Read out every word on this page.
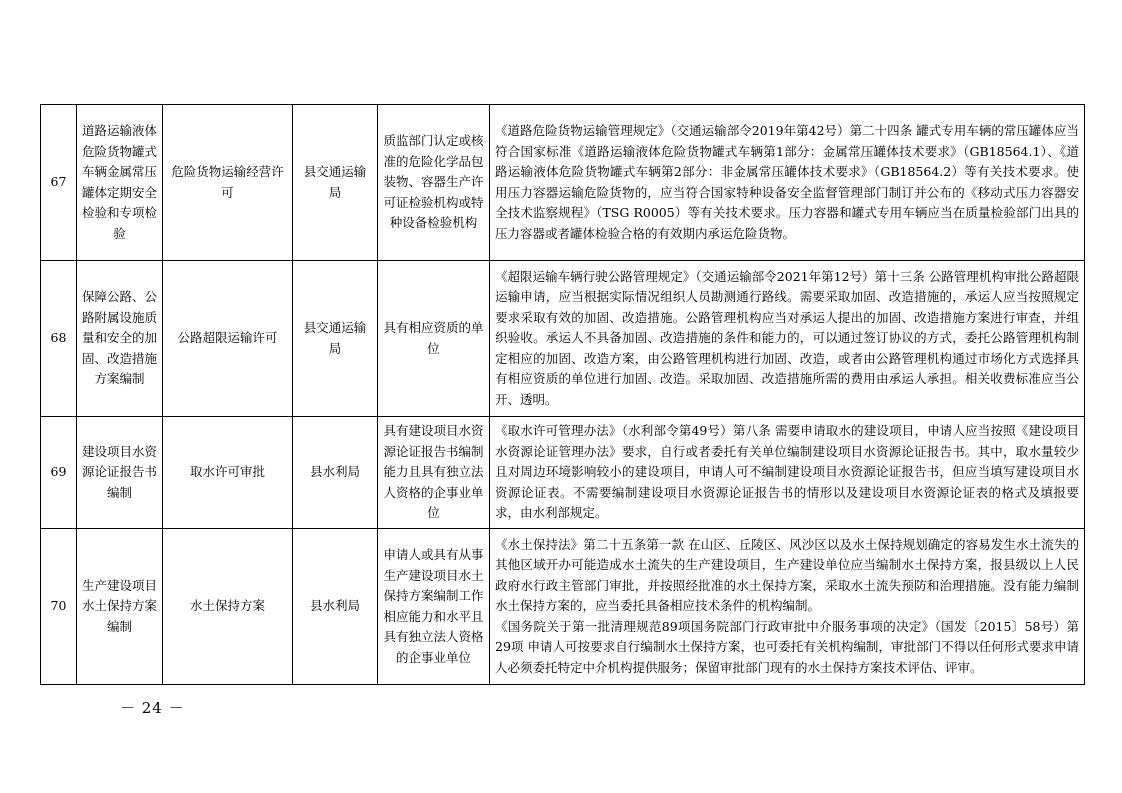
67	道路运输液体危险货物罐式车辆金属常压罐体定期安全检验和专项检验	危险货物运输经营许可	县交通运输局	质监部门认定或核准的危险化学品包装物、容器生产许可证检验机构或特种设备检验机构	《道路危险货物运输管理规定》（交通运输部令2019年第42号）第二十四条 罐式专用车辆的常压罐体应当符合国家标准《道路运输液体危险货物罐式车辆第1部分：金属常压罐体技术要求》（GB18564.1）、《道路运输液体危险货物罐式车辆第2部分：非金属常压罐体技术要求》（GB18564.2）等有关技术要求。使用压力容器运输危险货物的，应当符合国家特种设备安全监督管理部门制订并公布的《移动式压力容器安全技术监察规程》（TSG R0005）等有关技术要求。压力容器和罐式专用车辆应当在质量检验部门出具的压力容器或者罐体检验合格的有效期内承运危险货物。

68	保障公路、公路附属设施质量和安全的加固、改造措施方案编制	公路超限运输许可	县交通运输局	具有相应资质的单位	《超限运输车辆行驶公路管理规定》（交通运输部令2021年第12号）第十三条 公路管理机构审批公路超限运输申请，应当根据实际情况组织人员勘测通行路线。需要采取加固、改造措施的，承运人应当按照规定要求采取有效的加固、改造措施。公路管理机构应当对承运人提出的加固、改造措施方案进行审查，并组织验收。承运人不具备加固、改造措施的条件和能力的，可以通过签订协议的方式，委托公路管理机构制定相应的加固、改造方案，由公路管理机构进行加固、改造，或者由公路管理机构通过市场化方式选择具有相应资质的单位进行加固、改造。采取加固、改造措施所需的费用由承运人承担。相关收费标准应当公开、透明。

69	建设项目水资源论证报告书编制	取水许可审批	县水利局	具有建设项目水资源论证报告书编制能力且具有独立法人资格的企事业单位	《取水许可管理办法》（水利部令第49号）第八条 需要申请取水的建设项目，申请人应当按照《建设项目水资源论证管理办法》要求，自行或者委托有关单位编制建设项目水资源论证报告书。其中，取水量较少且对周边环境影响较小的建设项目，申请人可不编制建设项目水资源论证报告书，但应当填写建设项目水资源论证表。不需要编制建设项目水资源论证报告书的情形以及建设项目水资源论证表的格式及填报要求，由水利部规定。

70	生产建设项目水土保持方案编制	水土保持方案	县水利局	申请人或具有从事生产建设项目水土保持方案编制工作相应能力和水平且具有独立法人资格的企事业单位	《水土保持法》第二十五条第一款 在山区、丘陵区、风沙区以及水土保持规划确定的容易发生水土流失的其他区域开办可能造成水土流失的生产建设项目，生产建设单位应当编制水土保持方案，报县级以上人民政府水行政主管部门审批，并按照经批准的水土保持方案，采取水土流失预防和治理措施。没有能力编制水土保持方案的，应当委托具备相应技术条件的机构编制。
《国务院关于第一批清理规范89项国务院部门行政审批中介服务事项的决定》（国发〔2015〕58号）第29项 申请人可按要求自行编制水土保持方案，也可委托有关机构编制，审批部门不得以任何形式要求申请人必须委托特定中介机构提供服务；保留审批部门现有的水土保持方案技术评估、评审。
－ 24 －
